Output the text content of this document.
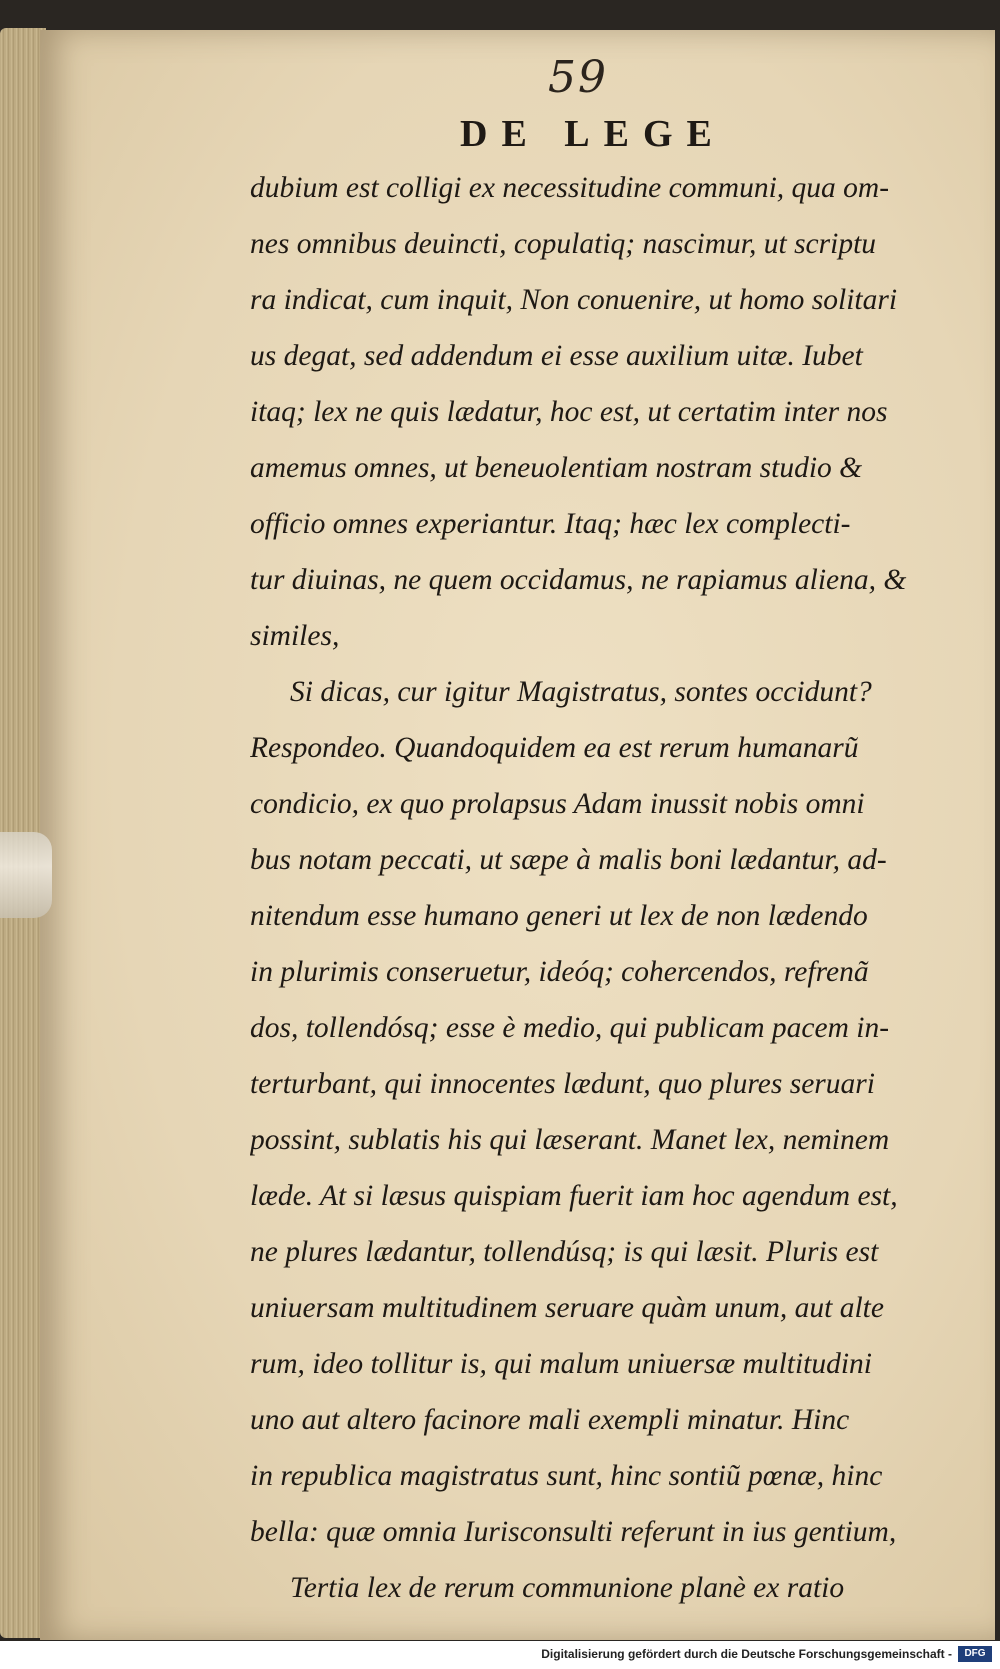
59
DE LEGE
dubium est colligi ex necessitudine communi, qua om-
nes omnibus deuincti, copulatiq; nascimur, ut scriptu
ra indicat, cum inquit, Non conuenire, ut homo solitari
us degat, sed addendum ei esse auxilium uitæ. Iubet
itaq; lex ne quis lædatur, hoc est, ut certatim inter nos
amemus omnes, ut beneuolentiam nostram studio &
officio omnes experiantur. Itaq; hæc lex complecti-
tur diuinas, ne quem occidamus, ne rapiamus aliena, &
similes,
Si dicas, cur igitur Magistratus, sontes occidunt?
Respondeo. Quandoquidem ea est rerum humanarũ
condicio, ex quo prolapsus Adam inussit nobis omni
bus notam peccati, ut sæpe à malis boni lædantur, ad-
nitendum esse humano generi ut lex de non lædendo
in plurimis conseruetur, ideóq; cohercendos, refrenã
dos, tollendósq; esse è medio, qui publicam pacem in-
terturbant, qui innocentes lædunt, quo plures seruari
possint, sublatis his qui læserant. Manet lex, neminem
læde. At si læsus quispiam fuerit iam hoc agendum est,
ne plures lædantur, tollendúsq; is qui læsit. Pluris est
uniuersam multitudinem seruare quàm unum, aut alte
rum, ideo tollitur is, qui malum uniuersæ multitudini
uno aut altero facinore mali exempli minatur. Hinc
in republica magistratus sunt, hinc sontiũ pœnæ, hinc
bella: quæ omnia Iurisconsulti referunt in ius gentium,
Tertia lex de rerum communione planè ex ratio
Digitalisierung gefördert durch die Deutsche Forschungsgemeinschaft -	DFG
